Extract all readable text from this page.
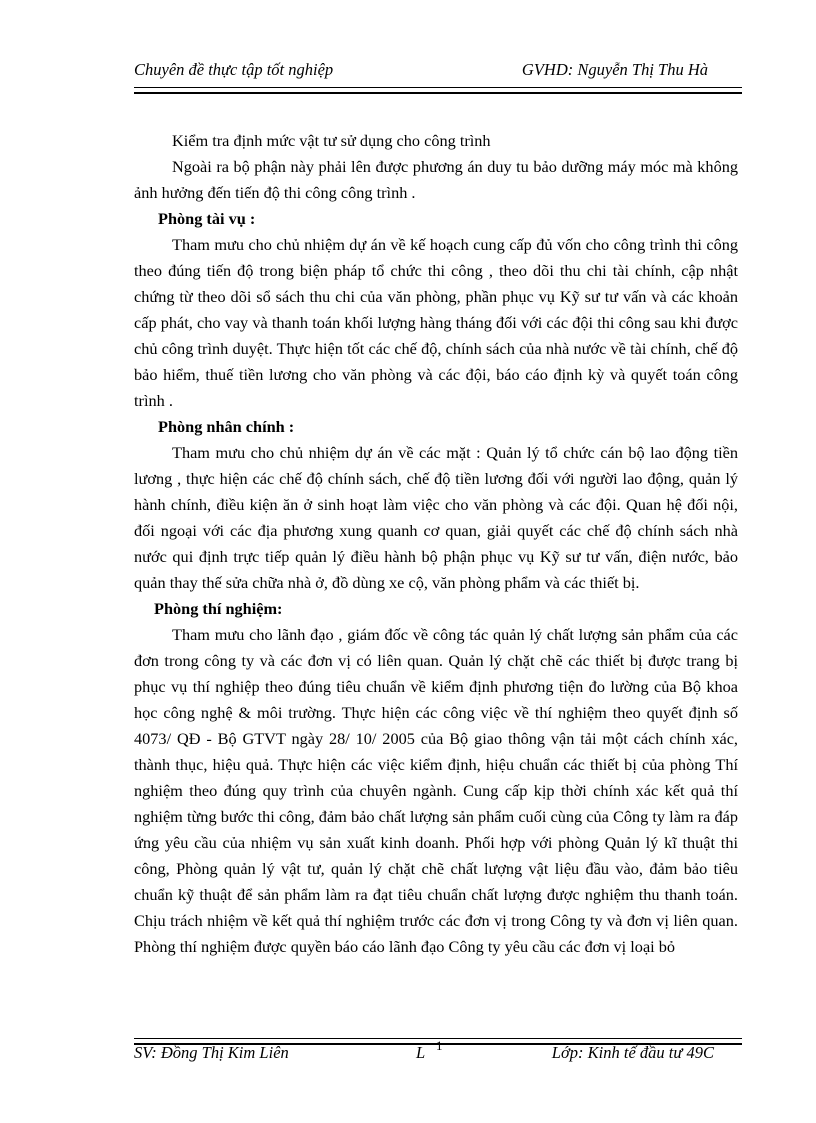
Chuyên đề thực tập tốt nghiệp	GVHD: Nguyễn Thị Thu Hà

Kiểm tra định mức vật tư sử dụng cho công trình

Ngoài ra bộ phận này phải lên được phương án duy tu bảo dưỡng máy móc mà không ảnh hưởng đến tiến độ thi công công trình .

Phòng tài vụ :

Tham mưu cho chủ nhiệm dự án về kế hoạch cung cấp đủ vốn cho công trình thi công theo đúng tiến độ trong biện pháp tổ chức thi công , theo dõi thu chi tài chính, cập nhật chứng từ theo dõi sổ sách thu chi của văn phòng, phần phục vụ Kỹ sư tư vấn và các khoản cấp phát, cho vay và thanh toán khối lượng hàng tháng đối với các đội thi công sau khi được chủ công trình duyệt. Thực hiện tốt các chế độ, chính sách của nhà nước về tài chính, chế độ bảo hiểm, thuế tiền lương cho văn phòng và các đội, báo cáo định kỳ và quyết toán công trình .

Phòng nhân chính :

Tham mưu cho chủ nhiệm dự án về các mặt : Quản lý tổ chức cán bộ lao động tiền lương , thực hiện các chế độ chính sách, chế độ tiền lương đối với người lao động, quản lý hành chính, điều kiện ăn ở sinh hoạt làm việc cho văn phòng và các đội. Quan hệ đối nội, đối ngoại với các địa phương xung quanh cơ quan, giải quyết các chế độ chính sách nhà nước qui định trực tiếp quản lý điều hành bộ phận phục vụ Kỹ sư tư vấn, điện nước, bảo quản thay thế sửa chữa nhà ở, đồ dùng xe cộ, văn phòng phẩm và các thiết bị.

Phòng thí nghiệm:

Tham mưu cho lãnh đạo , giám đốc về công tác quản lý chất lượng sản phẩm của các đơn trong công ty và các đơn vị có liên quan. Quản lý chặt chẽ các thiết bị được trang bị phục vụ thí nghiệp theo đúng tiêu chuẩn về kiểm định phương tiện đo lường của Bộ khoa học công nghệ & môi trường. Thực hiện các công việc về thí nghiệm theo quyết định số 4073/ QĐ - Bộ GTVT ngày 28/ 10/ 2005 của Bộ giao thông vận tải một cách chính xác, thành thục, hiệu quả. Thực hiện các việc kiểm định, hiệu chuẩn các thiết bị của phòng Thí nghiệm theo đúng quy trình của chuyên ngành. Cung cấp kịp thời chính xác kết quả thí nghiệm từng bước thi công, đảm bảo chất lượng sản phẩm cuối cùng của Công ty làm ra đáp ứng yêu cầu của nhiệm vụ sản xuất kinh doanh. Phối hợp với phòng Quản lý kĩ thuật thi công, Phòng quản lý vật tư, quản lý chặt chẽ chất lượng vật liệu đầu vào, đảm bảo tiêu chuẩn kỹ thuật để sản phẩm làm ra đạt tiêu chuẩn chất lượng được nghiệm thu thanh toán. Chịu trách nhiệm về kết quả thí nghiệm trước các đơn vị trong Công ty và đơn vị liên quan. Phòng thí nghiệm được quyền báo cáo lãnh đạo Công ty yêu cầu các đơn vị loại bỏ

SV: Đồng Thị Kim Liên	L 1	Lớp: Kinh tế đầu tư 49C
